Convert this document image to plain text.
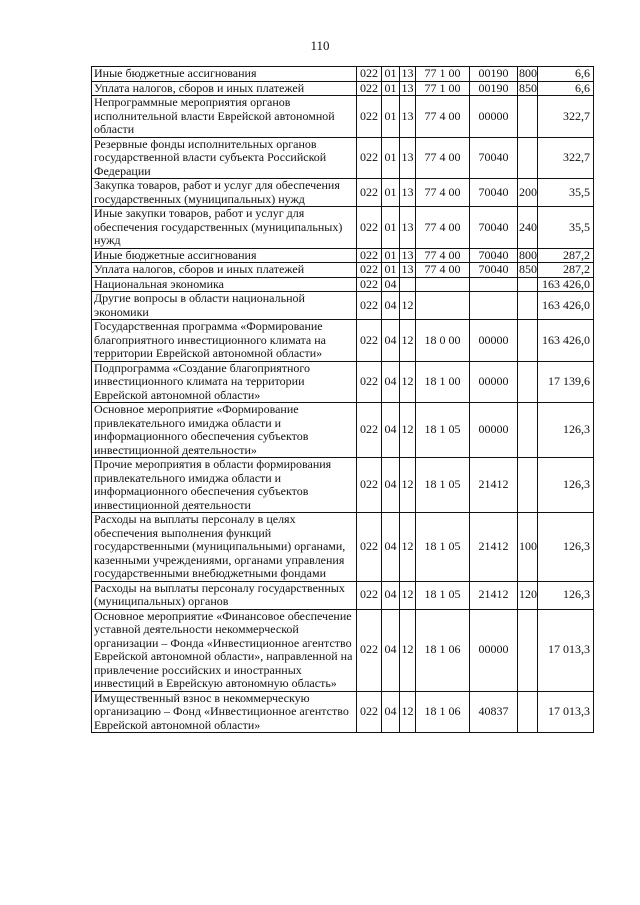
110
Иные бюджетные ассигнования	022	01	13	77 1 00	00190	800	6,6
Уплата налогов, сборов и иных платежей	022	01	13	77 1 00	00190	850	6,6
Непрограммные мероприятия органов исполнительной власти Еврейской автономной области	022	01	13	77 4 00	00000		322,7
Резервные фонды исполнительных органов государственной власти субъекта Российской Федерации	022	01	13	77 4 00	70040		322,7
Закупка товаров, работ и услуг для обеспечения государственных (муниципальных) нужд	022	01	13	77 4 00	70040	200	35,5
Иные закупки товаров, работ и услуг для обеспечения государственных (муниципальных) нужд	022	01	13	77 4 00	70040	240	35,5
Иные бюджетные ассигнования	022	01	13	77 4 00	70040	800	287,2
Уплата налогов, сборов и иных платежей	022	01	13	77 4 00	70040	850	287,2
Национальная экономика	022	04					163 426,0
Другие вопросы в области национальной экономики	022	04	12				163 426,0
Государственная программа «Формирование благоприятного инвестиционного климата на территории Еврейской автономной области»	022	04	12	18 0 00	00000		163 426,0
Подпрограмма «Создание благоприятного инвестиционного климата на территории Еврейской автономной области»	022	04	12	18 1 00	00000		17 139,6
Основное мероприятие «Формирование привлекательного имиджа области и информационного обеспечения субъектов инвестиционной деятельности»	022	04	12	18 1 05	00000		126,3
Прочие мероприятия в области формирования привлекательного имиджа области и информационного обеспечения субъектов инвестиционной деятельности	022	04	12	18 1 05	21412		126,3
Расходы на выплаты персоналу в целях обеспечения выполнения функций государственными (муниципальными) органами, казенными учреждениями, органами управления государственными внебюджетными фондами	022	04	12	18 1 05	21412	100	126,3
Расходы на выплаты персоналу государственных (муниципальных) органов	022	04	12	18 1 05	21412	120	126,3
Основное мероприятие «Финансовое обеспечение уставной деятельности некоммерческой организации – Фонда «Инвестиционное агентство Еврейской автономной области», направленной на привлечение российских и иностранных инвестиций в Еврейскую автономную область»	022	04	12	18 1 06	00000		17 013,3
Имущественный взнос в некоммерческую организацию – Фонд «Инвестиционное агентство Еврейской автономной области»	022	04	12	18 1 06	40837		17 013,3
